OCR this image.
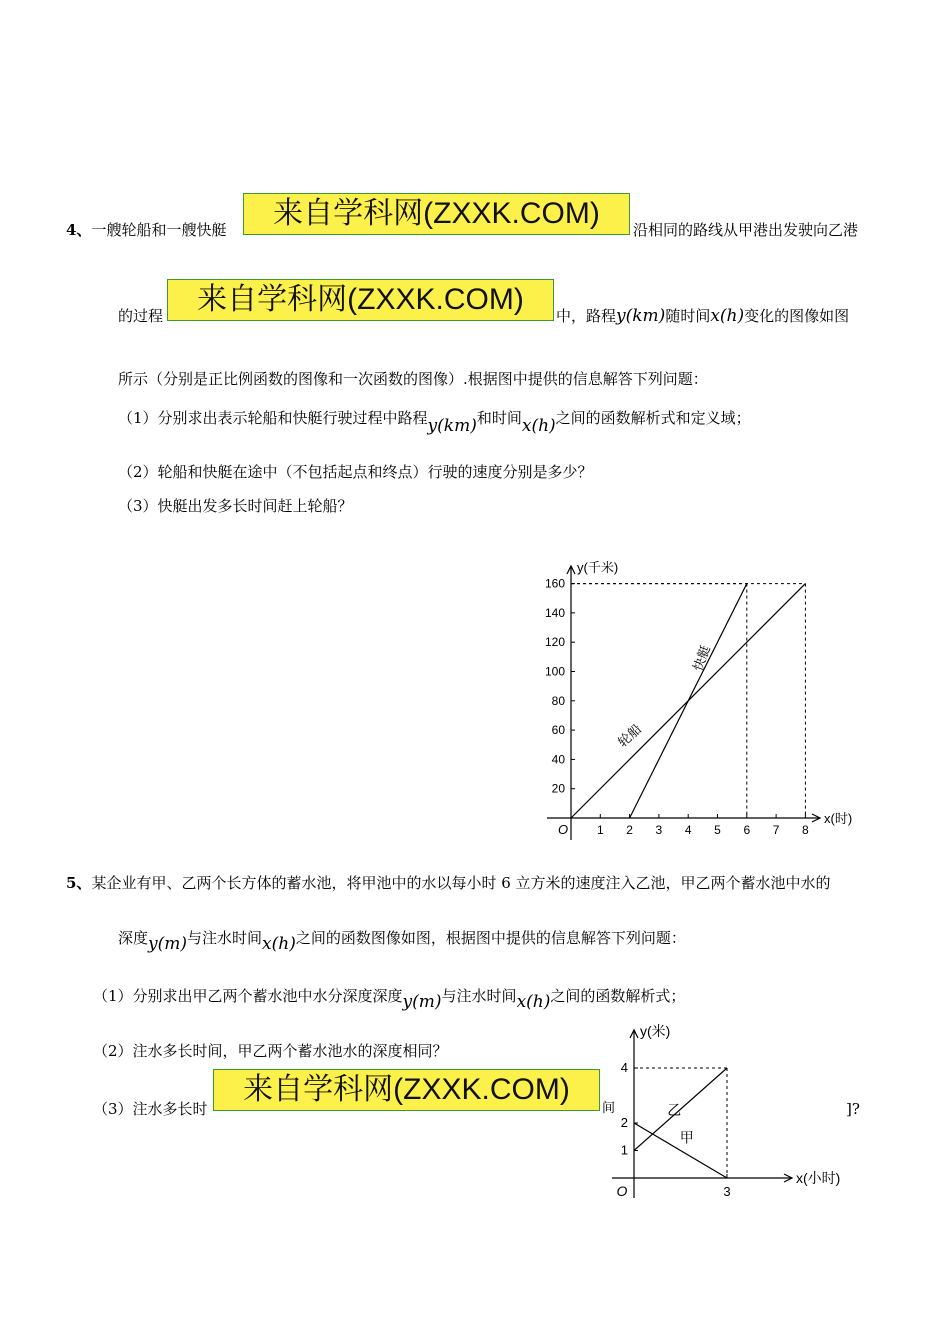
4、一艘轮船和一艘快艇	来自学科网(ZXXK.COM)	沿相同的路线从甲港出发驶向乙港
的过程	来自学科网(ZXXK.COM)	中，路程y(km)随时间x(h)变化的图像如图
所示（分别是正比例函数的图像和一次函数的图像）.根据图中提供的信息解答下列问题：
（1）分别求出表示轮船和快艇行驶过程中路程y(km)和时间x(h)之间的函数解析式和定义域；
（2）轮船和快艇在途中（不包括起点和终点）行驶的速度分别是多少？
（3）快艇出发多长时间赶上轮船？
1 2 3 4 5 6 7 8
20
40
60
80
100
120
140
160
轮船
快艇
O
x(时)
y(千米)
5、某企业有甲、乙两个长方体的蓄水池，将甲池中的水以每小时 6 立方米的速度注入乙池，甲乙两个蓄水池中水的
深度y(m)与注水时间x(h)之间的函数图像如图，根据图中提供的信息解答下列问题：
（1）分别求出甲乙两个蓄水池中水分深度深度y(m)与注水时间x(h)之间的函数解析式；
（2）注水多长时间，甲乙两个蓄水池水的深度相同？
（3）注水多长时
来自学科网(ZXXK.COM)
间	]?
3
1
2
4
乙
甲
O
x(小时)
y(米)
